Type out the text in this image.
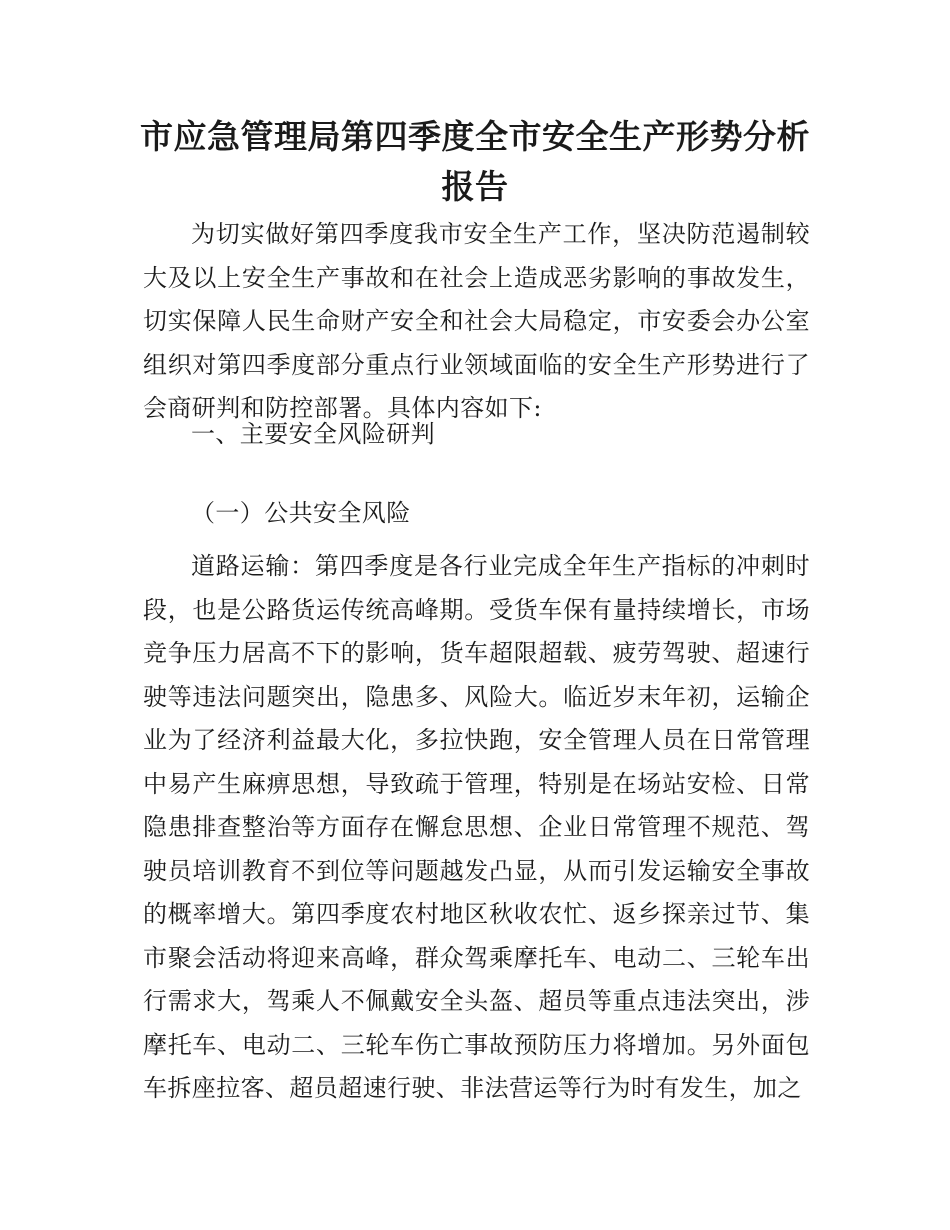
市应急管理局第四季度全市安全生产形势分析报告

为切实做好第四季度我市安全生产工作，坚决防范遏制较大及以上安全生产事故和在社会上造成恶劣影响的事故发生，切实保障人民生命财产安全和社会大局稳定，市安委会办公室组织对第四季度部分重点行业领域面临的安全生产形势进行了会商研判和防控部署。具体内容如下:

一、主要安全风险研判
（一）公共安全风险

道路运输：第四季度是各行业完成全年生产指标的冲刺时段，也是公路货运传统高峰期。受货车保有量持续增长，市场竞争压力居高不下的影响，货车超限超载、疲劳驾驶、超速行驶等违法问题突出，隐患多、风险大。临近岁末年初，运输企业为了经济利益最大化，多拉快跑，安全管理人员在日常管理中易产生麻痹思想，导致疏于管理，特别是在场站安检、日常隐患排查整治等方面存在懈怠思想、企业日常管理不规范、驾驶员培训教育不到位等问题越发凸显，从而引发运输安全事故的概率增大。第四季度农村地区秋收农忙、返乡探亲过节、集市聚会活动将迎来高峰，群众驾乘摩托车、电动二、三轮车出行需求大，驾乘人不佩戴安全头盔、超员等重点违法突出，涉摩托车、电动二、三轮车伤亡事故预防压力将增加。另外面包车拆座拉客、超员超速行驶、非法营运等行为时有发生，加之
